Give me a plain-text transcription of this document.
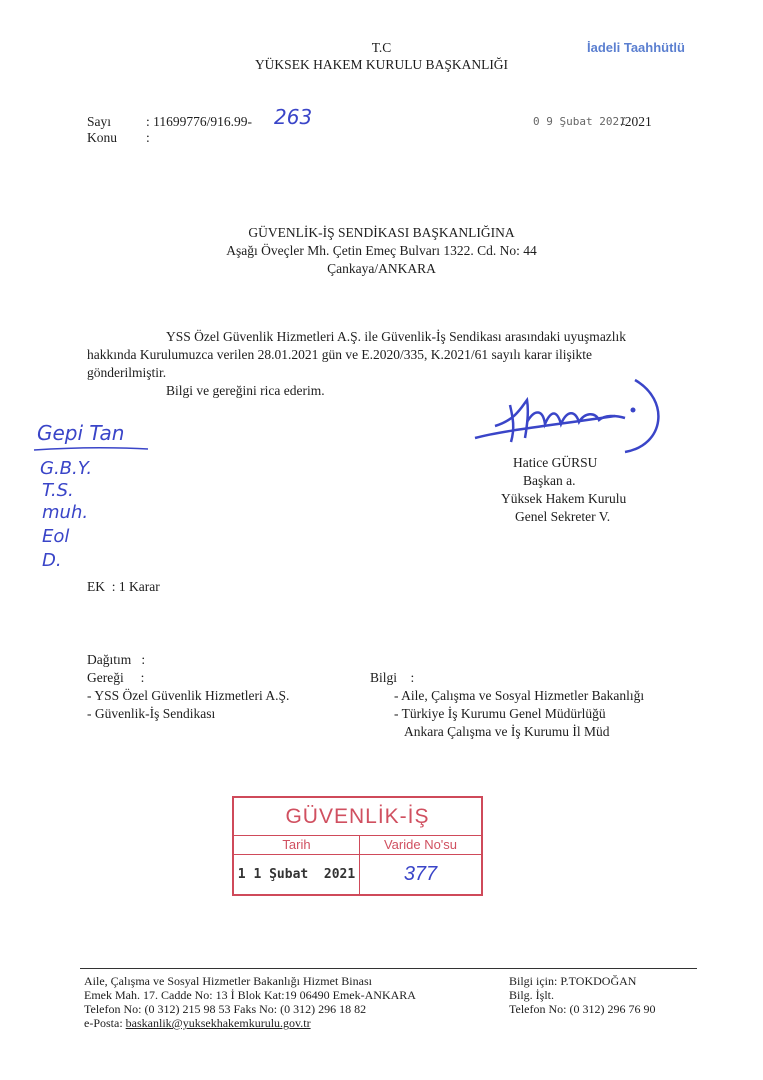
T.C
YÜKSEK HAKEM KURULU BAŞKANLIĞI
İadeli Taahhütlü
Sayı	: 11699776/916.99- 263
Konu :
0 9 Şubat 2021
/2021
GÜVENLİK-İŞ SENDİKASI BAŞKANLIĞINA
Aşağı Öveçler Mh. Çetin Emeç Bulvarı 1322. Cd. No: 44
Çankaya/ANKARA
YSS Özel Güvenlik Hizmetleri A.Ş. ile Güvenlik-İş Sendikası arasındaki uyuşmazlık
hakkında Kurulumuzca verilen 28.01.2021 gün ve E.2020/335, K.2021/61 sayılı karar ilişikte
gönderilmiştir.
Bilgi ve gereğini rica ederim.
Gepi Tan
G.B.Y.
T.S.
muh.
Eol
D.
Hatice GÜRSU
Başkan a.
Yüksek Hakem Kurulu
Genel Sekreter V.
EK  : 1 Karar
Dağıtım   :
Gereği     :
- YSS Özel Güvenlik Hizmetleri A.Ş.
- Güvenlik-İş Sendikası
Bilgi    :
- Aile, Çalışma ve Sosyal Hizmetler Bakanlığı
- Türkiye İş Kurumu Genel Müdürlüğü
Ankara Çalışma ve İş Kurumu İl Müd
GÜVENLİK-İŞ
Tarih	Varide No'su
1 1 Şubat  2021	377
Aile, Çalışma ve Sosyal Hizmetler Bakanlığı Hizmet Binası
Emek Mah. 17. Cadde No: 13 İ Blok Kat:19 06490 Emek-ANKARA
Telefon No: (0 312) 215 98 53 Faks No: (0 312) 296 18 82
e-Posta: baskanlik@yuksekhakemkurulu.gov.tr
Bilgi için: P.TOKDOĞAN
Bilg. İşlt.
Telefon No: (0 312) 296 76 90
